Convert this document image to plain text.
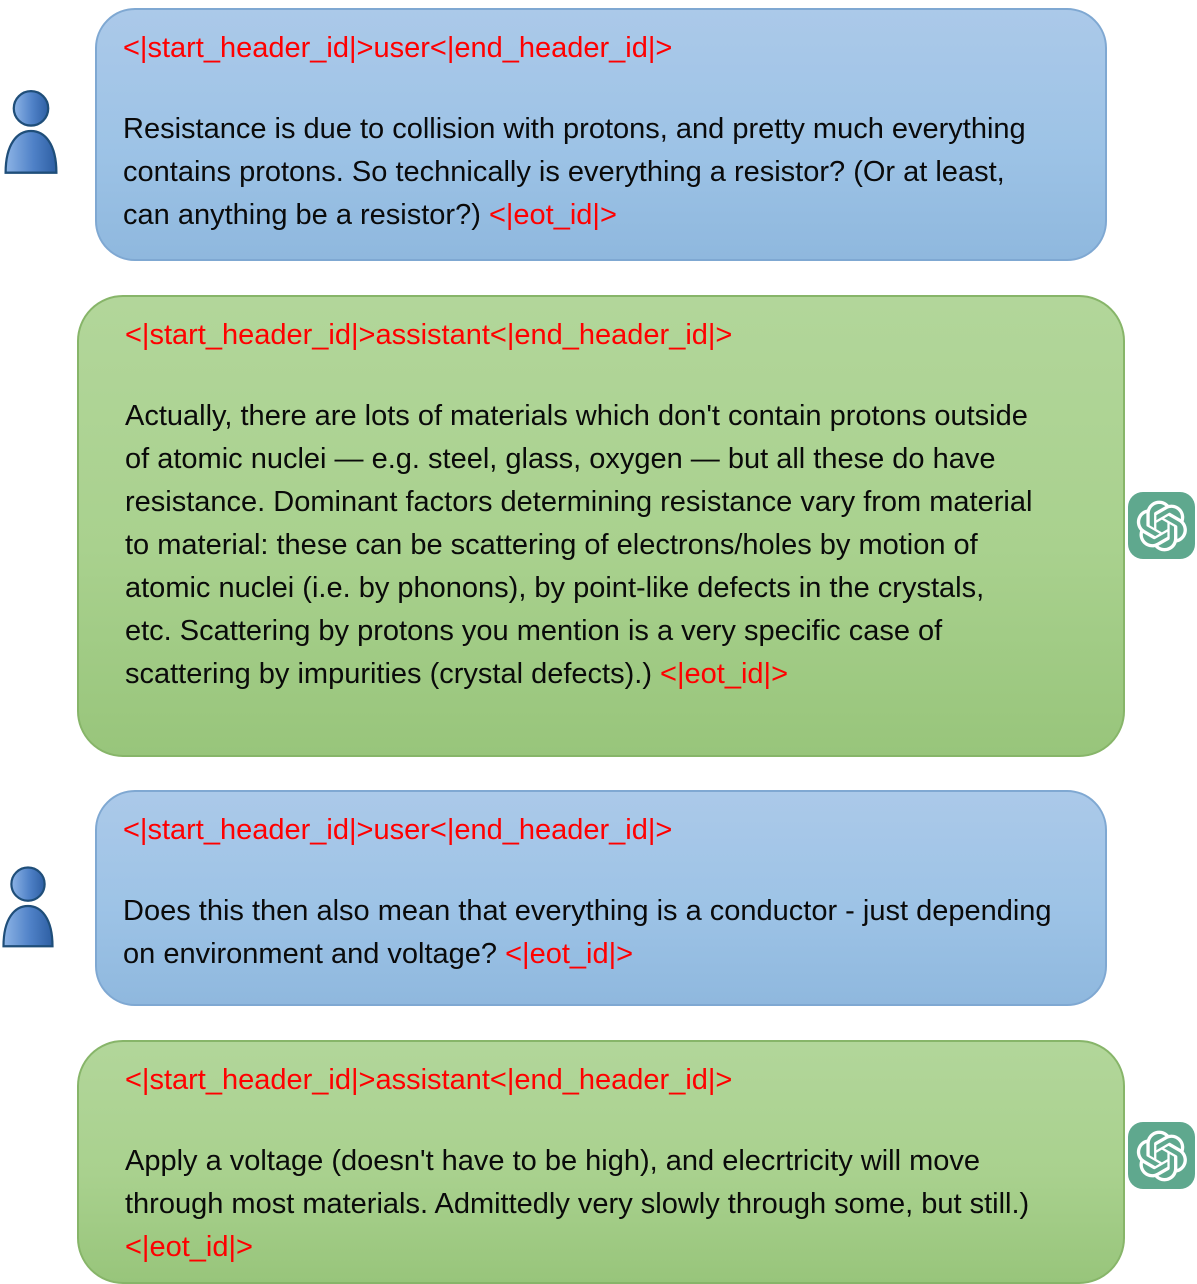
<|start_header_id|>user<|end_header_id|>

Resistance is due to collision with protons, and pretty much everything contains protons. So technically is everything a resistor? (Or at least, can anything be a resistor?) <|eot_id|>

<|start_header_id|>assistant<|end_header_id|>

Actually, there are lots of materials which don't contain protons outside of atomic nuclei — e.g. steel, glass, oxygen — but all these do have resistance. Dominant factors determining resistance vary from material to material: these can be scattering of electrons/holes by motion of atomic nuclei (i.e. by phonons), by point-like defects in the crystals, etc. Scattering by protons you mention is a very specific case of scattering by impurities (crystal defects).) <|eot_id|>

<|start_header_id|>user<|end_header_id|>

Does this then also mean that everything is a conductor - just depending on environment and voltage? <|eot_id|>

<|start_header_id|>assistant<|end_header_id|>

Apply a voltage (doesn't have to be high), and elecrtricity will move through most materials. Admittedly very slowly through some, but still.) <|eot_id|>
